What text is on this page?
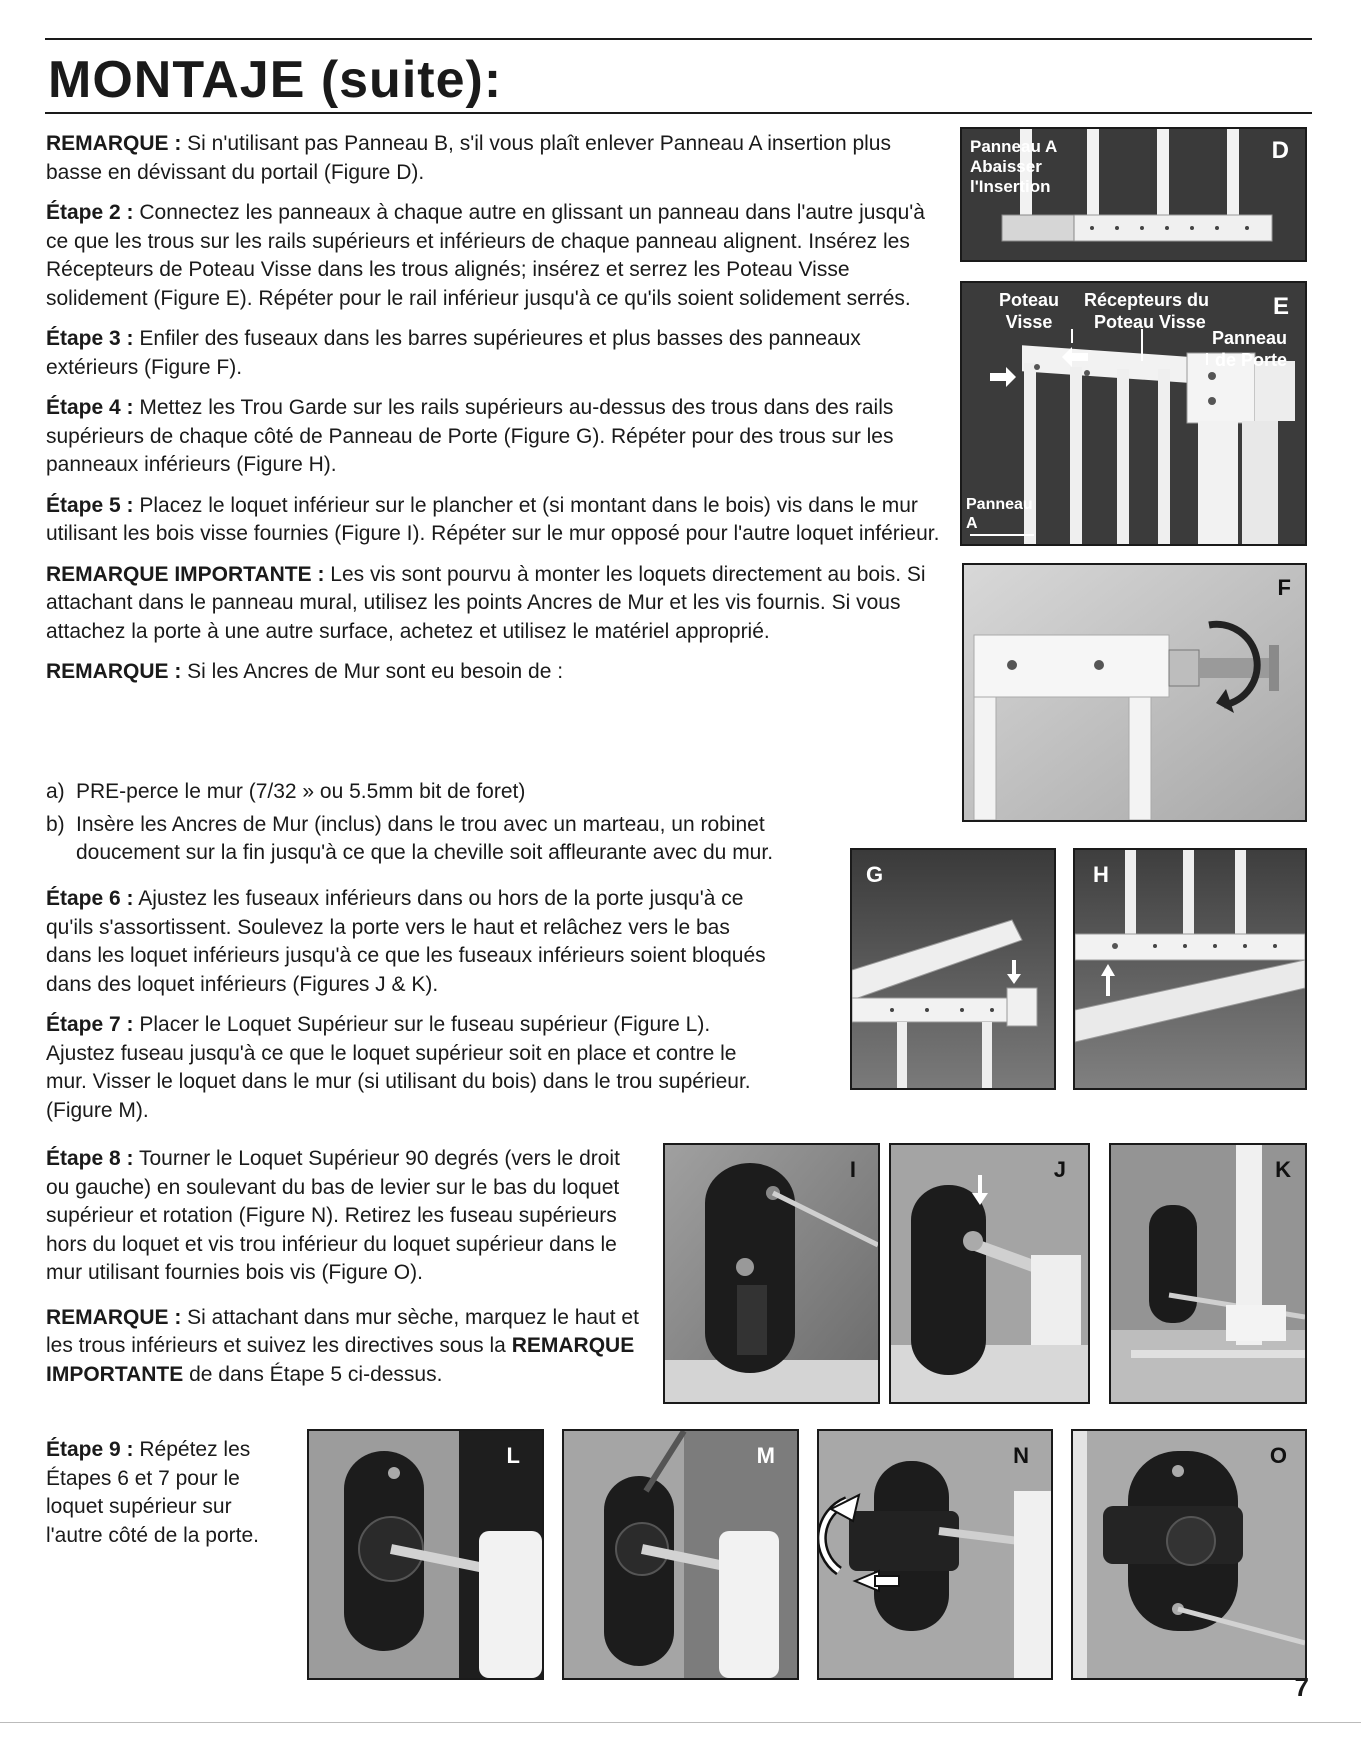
MONTAJE (suite):

REMARQUE : Si n'utilisant pas Panneau B, s'il vous plaît enlever Panneau A insertion plus basse en dévissant du portail (Figure D).

Étape 2 : Connectez les panneaux à chaque autre en glissant un panneau dans l'autre jusqu'à ce que les trous sur les rails supérieurs et inférieurs de chaque panneau alignent. Insérez les Récepteurs de Poteau Visse dans les trous alignés; insérez et serrez les Poteau Visse solidement (Figure E). Répéter pour le rail inférieur jusqu'à ce qu'ils soient solidement serrés.

Étape 3 : Enfiler des fuseaux dans les barres supérieures et plus basses des panneaux extérieurs (Figure F).

Étape 4 : Mettez les Trou Garde sur les rails supérieurs au-dessus des trous dans des rails supérieurs de chaque côté de Panneau de Porte (Figure G). Répéter pour des trous sur les panneaux inférieurs (Figure H).

Étape 5 : Placez le loquet inférieur sur le plancher et (si montant dans le bois) vis dans le mur utilisant les bois visse fournies (Figure I). Répéter sur le mur opposé pour l'autre loquet inférieur.

REMARQUE IMPORTANTE : Les vis sont pourvu à monter les loquets directement au bois. Si attachant dans le panneau mural, utilisez les points Ancres de Mur et les vis fournis. Si vous attachez la porte à une autre surface, achetez et utilisez le matériel approprié.

REMARQUE : Si les Ancres de Mur sont eu besoin de :

a) PRE-perce le mur (7/32 » ou 5.5mm bit de foret)
b) Insère les Ancres de Mur (inclus) dans le trou avec un marteau, un robinet doucement sur la fin jusqu'à ce que la cheville soit affleurante avec du mur.

Étape 6 : Ajustez les fuseaux inférieurs dans ou hors de la porte jusqu'à ce qu'ils s'assortissent. Soulevez la porte vers le haut et relâchez vers le bas dans les loquet inférieurs jusqu'à ce que les fuseaux inférieurs soient bloqués dans des loquet inférieurs (Figures J & K).

Étape 7 : Placer le Loquet Supérieur sur le fuseau supérieur (Figure L). Ajustez fuseau jusqu'à ce que le loquet supérieur soit en place et contre le mur. Visser le loquet dans le mur (si utilisant du bois) dans le trou supérieur. (Figure M).

Étape 8 : Tourner le Loquet Supérieur 90 degrés (vers le droit ou gauche) en soulevant du bas de levier sur le bas du loquet supérieur et rotation (Figure N). Retirez les fuseau supérieurs hors du loquet et vis trou inférieur du loquet supérieur dans le mur utilisant fournies bois vis (Figure O).

REMARQUE : Si attachant dans mur sèche, marquez le haut et les trous inférieurs et suivez les directives sous la REMARQUE IMPORTANTE de dans Étape 5 ci-dessus.

Étape 9 : Répétez les Étapes 6 et 7 pour le loquet supérieur sur l'autre côté de la porte.

Panneau A
Abaisser
l'Insertion
D
Poteau
Visse
Récepteurs du
Poteau Visse
Panneau
de Porte
Panneau
A
E
F
G	H
I	J	K
L	M	N	O
7
